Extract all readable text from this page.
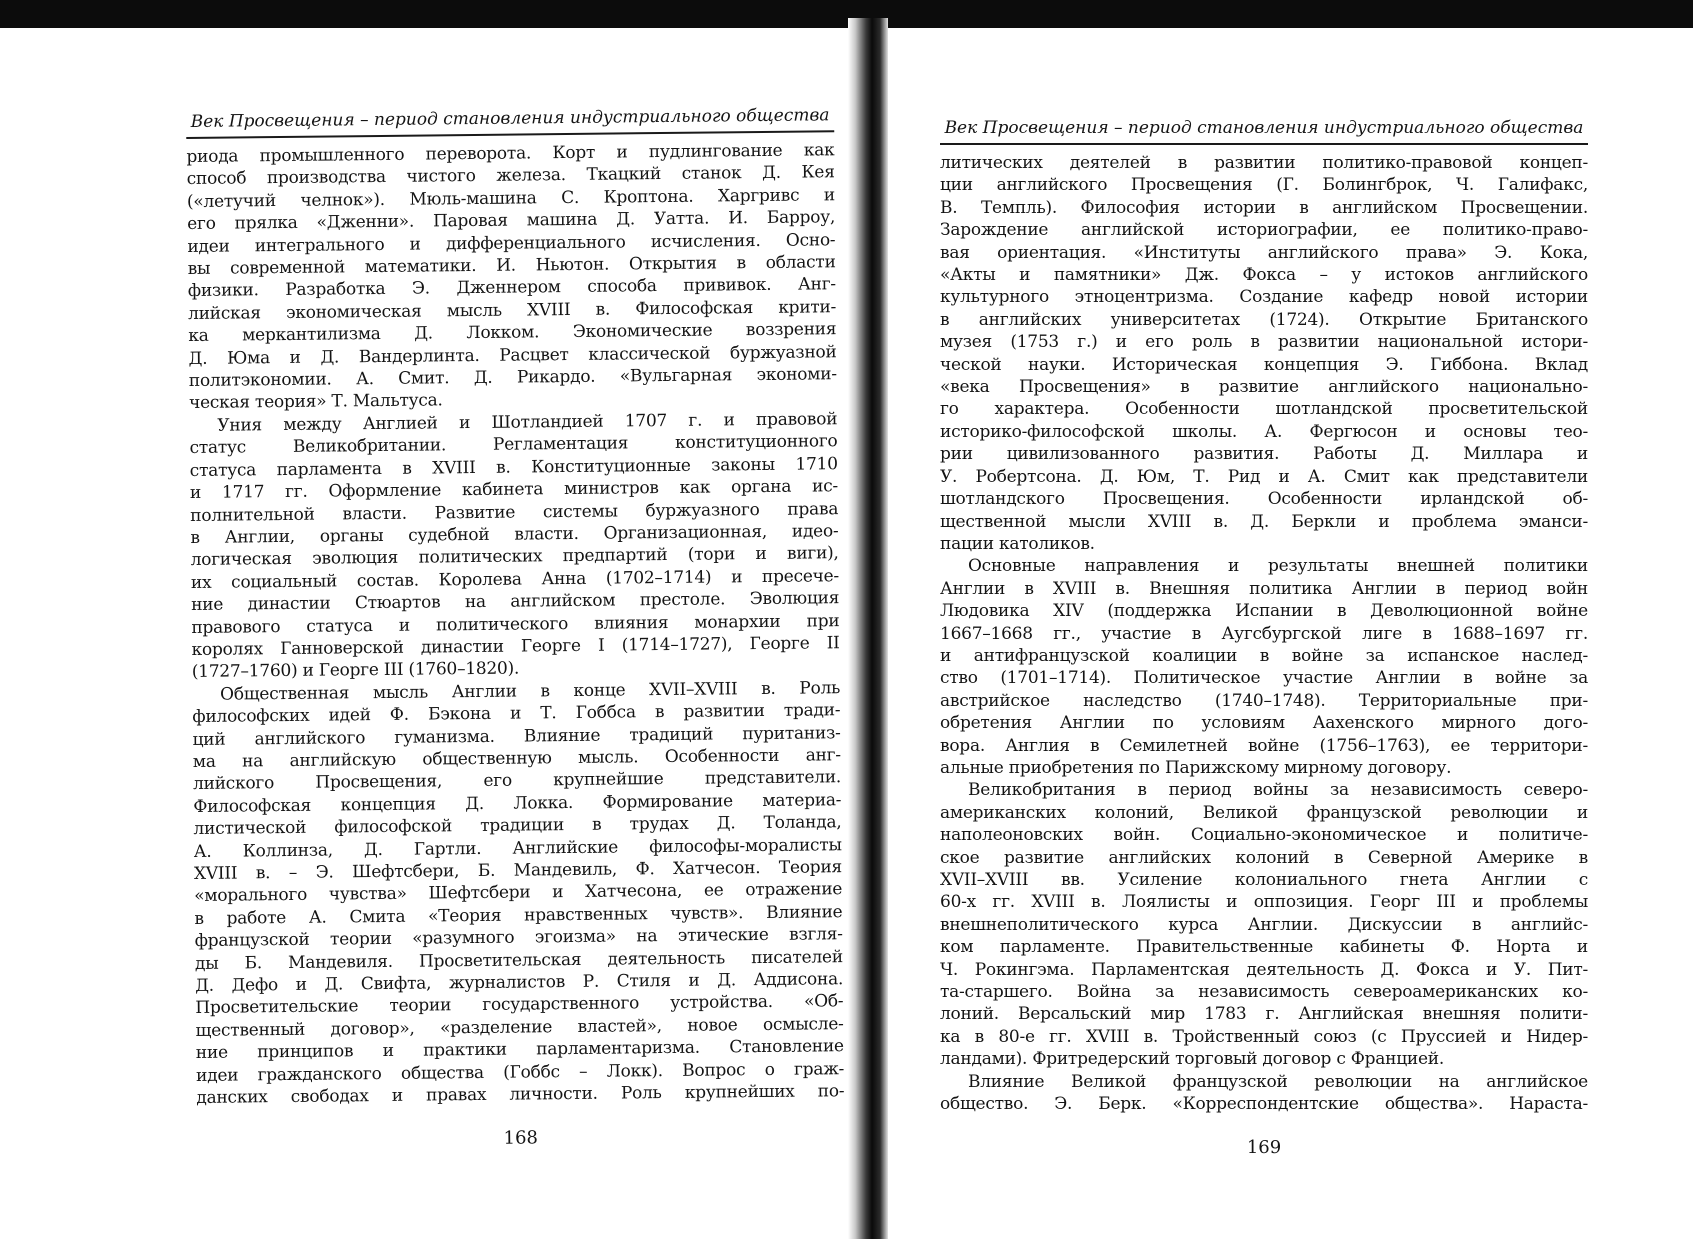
Век Просвещения – период становления индустриального общества
риода промышленного переворота. Корт и пудлингование как
способ производства чистого железа. Ткацкий станок Д. Кея
(«летучий челнок»). Мюль-машина С. Кроптона. Харгривс и
его прялка «Дженни». Паровая машина Д. Уатта. И. Барроу,
идеи интегрального и дифференциального исчисления. Осно-
вы современной математики. И. Ньютон. Открытия в области
физики. Разработка Э. Дженнером способа прививок. Анг-
лийская экономическая мысль XVIII в. Философская крити-
ка меркантилизма Д. Локком. Экономические воззрения
Д. Юма и Д. Вандерлинта. Расцвет классической буржуазной
политэкономии. А. Смит. Д. Рикардо. «Вульгарная экономи-
ческая теория» Т. Мальтуса.
Уния между Англией и Шотландией 1707 г. и правовой
статус Великобритании. Регламентация конституционного
статуса парламента в XVIII в. Конституционные законы 1710
и 1717 гг. Оформление кабинета министров как органа ис-
полнительной власти. Развитие системы буржуазного права
в Англии, органы судебной власти. Организационная, идео-
логическая эволюция политических предпартий (тори и виги),
их социальный состав. Королева Анна (1702–1714) и пресече-
ние династии Стюартов на английском престоле. Эволюция
правового статуса и политического влияния монархии при
королях Ганноверской династии Георге I (1714–1727), Георге II
(1727–1760) и Георге III (1760–1820).
Общественная мысль Англии в конце XVII–XVIII в. Роль
философских идей Ф. Бэкона и Т. Гоббса в развитии тради-
ций английского гуманизма. Влияние традиций пуританиз-
ма на английскую общественную мысль. Особенности анг-
лийского Просвещения, его крупнейшие представители.
Философская концепция Д. Локка. Формирование материа-
листической философской традиции в трудах Д. Толанда,
А. Коллинза, Д. Гартли. Английские философы-моралисты
XVIII в. – Э. Шефтсбери, Б. Мандевиль, Ф. Хатчесон. Теория
«морального чувства» Шефтсбери и Хатчесона, ее отражение
в работе А. Смита «Теория нравственных чувств». Влияние
французской теории «разумного эгоизма» на этические взгля-
ды Б. Мандевиля. Просветительская деятельность писателей
Д. Дефо и Д. Свифта, журналистов Р. Стиля и Д. Аддисона.
Просветительские теории государственного устройства. «Об-
щественный договор», «разделение властей», новое осмысле-
ние принципов и практики парламентаризма. Становление
идеи гражданского общества (Гоббс – Локк). Вопрос о граж-
данских свободах и правах личности. Роль крупнейших по-
168
Век Просвещения – период становления индустриального общества
литических деятелей в развитии политико-правовой концеп-
ции английского Просвещения (Г. Болингброк, Ч. Галифакс,
В. Темпль). Философия истории в английском Просвещении.
Зарождение английской историографии, ее политико-право-
вая ориентация. «Институты английского права» Э. Кока,
«Акты и памятники» Дж. Фокса – у истоков английского
культурного этноцентризма. Создание кафедр новой истории
в английских университетах (1724). Открытие Британского
музея (1753 г.) и его роль в развитии национальной истори-
ческой науки. Историческая концепция Э. Гиббона. Вклад
«века Просвещения» в развитие английского национально-
го характера. Особенности шотландской просветительской
историко-философской школы. А. Фергюсон и основы тео-
рии цивилизованного развития. Работы Д. Миллара и
У. Робертсона. Д. Юм, Т. Рид и А. Смит как представители
шотландского Просвещения. Особенности ирландской об-
щественной мысли XVIII в. Д. Беркли и проблема эманси-
пации католиков.
Основные направления и результаты внешней политики
Англии в XVIII в. Внешняя политика Англии в период войн
Людовика XIV (поддержка Испании в Деволюционной войне
1667–1668 гг., участие в Аугсбургской лиге в 1688–1697 гг.
и антифранцузской коалиции в войне за испанское наслед-
ство (1701–1714). Политическое участие Англии в войне за
австрийское наследство (1740–1748). Территориальные при-
обретения Англии по условиям Аахенского мирного дого-
вора. Англия в Семилетней войне (1756–1763), ее территори-
альные приобретения по Парижскому мирному договору.
Великобритания в период войны за независимость северо-
американских колоний, Великой французской революции и
наполеоновских войн. Социально-экономическое и политиче-
ское развитие английских колоний в Северной Америке в
XVII–XVIII вв. Усиление колониального гнета Англии с
60-х гг. XVIII в. Лоялисты и оппозиция. Георг III и проблемы
внешнеполитического курса Англии. Дискуссии в английс-
ком парламенте. Правительственные кабинеты Ф. Норта и
Ч. Рокингэма. Парламентская деятельность Д. Фокса и У. Пит-
та-старшего. Война за независимость североамериканских ко-
лоний. Версальский мир 1783 г. Английская внешняя полити-
ка в 80-е гг. XVIII в. Тройственный союз (с Пруссией и Нидер-
ландами). Фритредерский торговый договор с Францией.
Влияние Великой французской революции на английское
общество. Э. Берк. «Корреспондентские общества». Нараста-
169
